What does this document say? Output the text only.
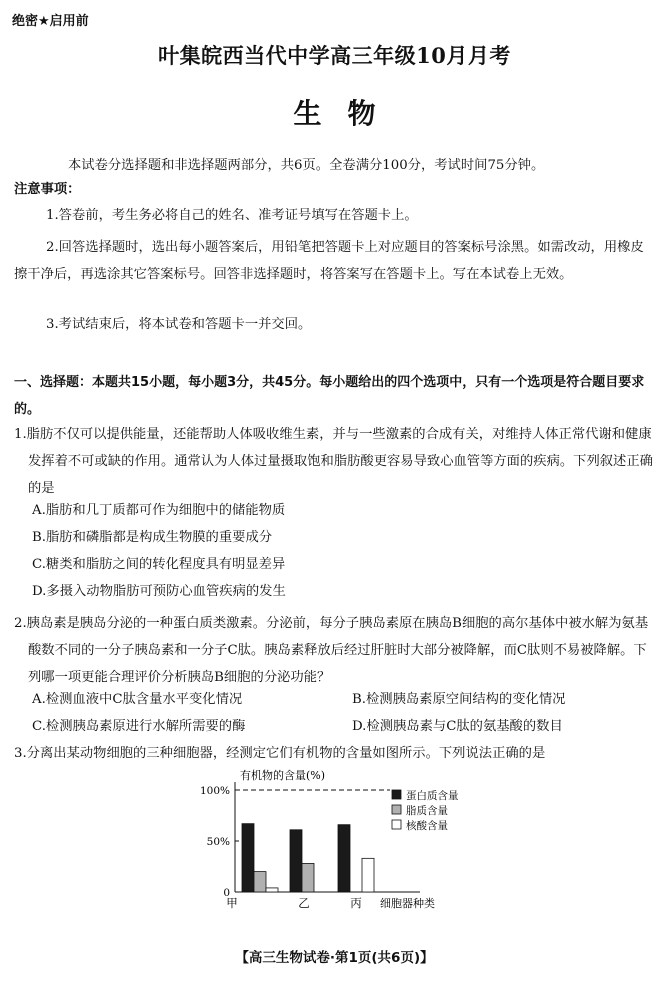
绝密★启用前
叶集皖西当代中学高三年级10月月考
生物
本试卷分选择题和非选择题两部分，共6页。全卷满分100分，考试时间75分钟。
注意事项：
1.答卷前，考生务必将自己的姓名、准考证号填写在答题卡上。
2.回答选择题时，选出每小题答案后，用铅笔把答题卡上对应题目的答案标号涂黑。如需改动，用橡皮擦干净后，再选涂其它答案标号。回答非选择题时，将答案写在答题卡上。写在本试卷上无效。
3.考试结束后，将本试卷和答题卡一并交回。
一、选择题：本题共15小题，每小题3分，共45分。每小题给出的四个选项中，只有一个选项是符合题目要求的。
1.脂肪不仅可以提供能量，还能帮助人体吸收维生素，并与一些激素的合成有关，对维持人体正常代谢和健康发挥着不可或缺的作用。通常认为人体过量摄取饱和脂肪酸更容易导致心血管等方面的疾病。下列叙述正确的是
A.脂肪和几丁质都可作为细胞中的储能物质
B.脂肪和磷脂都是构成生物膜的重要成分
C.糖类和脂肪之间的转化程度具有明显差异
D.多摄入动物脂肪可预防心血管疾病的发生
2.胰岛素是胰岛分泌的一种蛋白质类激素。分泌前，每分子胰岛素原在胰岛B细胞的高尔基体中被水解为氨基酸数不同的一分子胰岛素和一分子C肽。胰岛素释放后经过肝脏时大部分被降解，而C肽则不易被降解。下列哪一项更能合理评价分析胰岛B细胞的分泌功能？
A.检测血液中C肽含量水平变化情况	B.检测胰岛素原空间结构的变化情况
C.检测胰岛素原进行水解所需要的酶	D.检测胰岛素与C肽的氨基酸的数目
3.分离出某动物细胞的三种细胞器，经测定它们有机物的含量如图所示。下列说法正确的是
有机物的含量(%)
100%
50%
0
甲	乙	丙 细胞器种类
蛋白质含量
脂质含量
核酸含量
【高三生物试卷·第1页(共6页)】
